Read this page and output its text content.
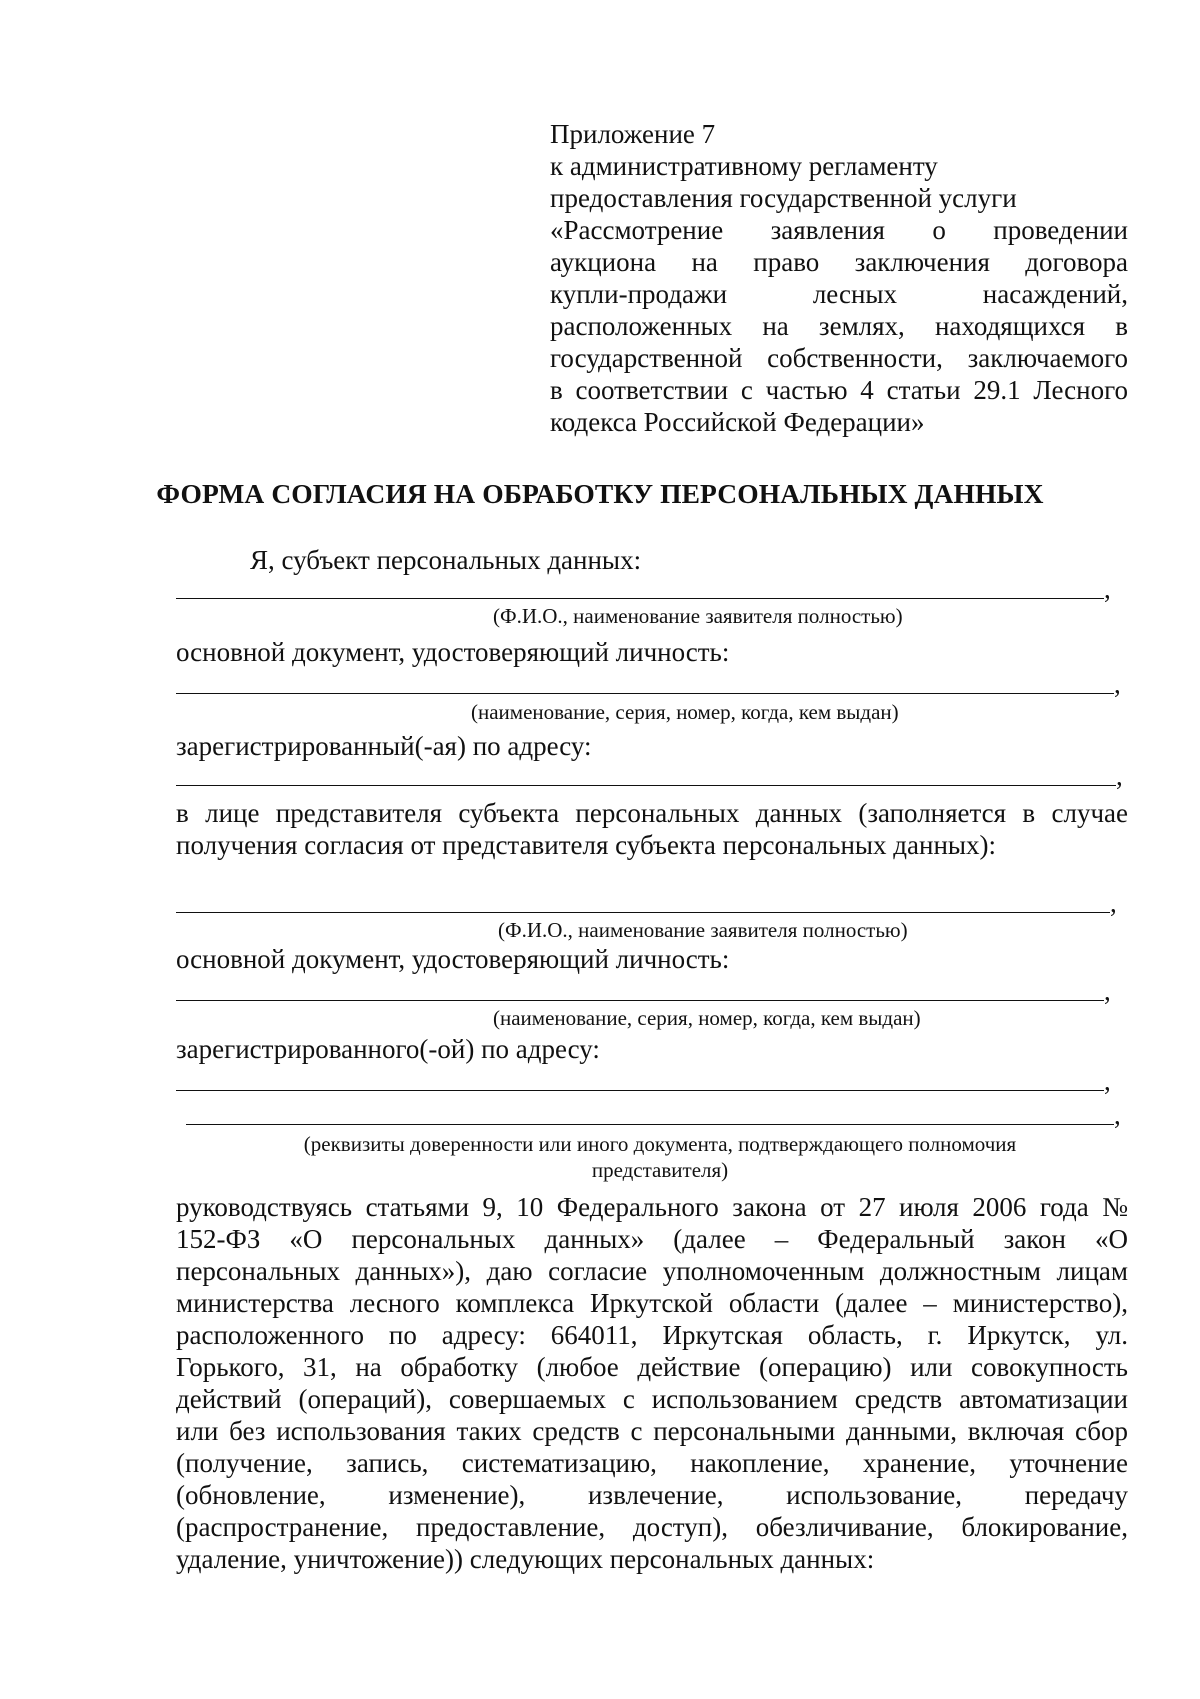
Приложение 7
к административному регламенту
предоставления государственной услуги
«Рассмотрение заявления о проведении
аукциона на право заключения договора
купли-продажи лесных насаждений,
расположенных на землях, находящихся в
государственной собственности, заключаемого
в соответствии с частью 4 статьи 29.1 Лесного
кодекса Российской Федерации»
ФОРМА СОГЛАСИЯ НА ОБРАБОТКУ ПЕРСОНАЛЬНЫХ ДАННЫХ
Я, субъект персональных данных:
,
(Ф.И.О., наименование заявителя полностью)
основной документ, удостоверяющий личность:
,
(наименование, серия, номер, когда, кем выдан)
зарегистрированный(-ая) по адресу:
,
в лице представителя субъекта персональных данных (заполняется в случае
получения согласия от представителя субъекта персональных данных):
,
(Ф.И.О., наименование заявителя полностью)
основной документ, удостоверяющий личность:
,
(наименование, серия, номер, когда, кем выдан)
зарегистрированного(-ой) по адресу:
,
,
(реквизиты доверенности или иного документа, подтверждающего полномочия
представителя)
руководствуясь статьями 9, 10 Федерального закона от 27 июля 2006 года №
152-ФЗ «О персональных данных» (далее – Федеральный закон «О
персональных данных»), даю согласие уполномоченным должностным лицам
министерства лесного комплекса Иркутской области (далее – министерство),
расположенного по адресу: 664011, Иркутская область, г. Иркутск, ул.
Горького, 31, на обработку (любое действие (операцию) или совокупность
действий (операций), совершаемых с использованием средств автоматизации
или без использования таких средств с персональными данными, включая сбор
(получение, запись, систематизацию, накопление, хранение, уточнение
(обновление, изменение), извлечение, использование, передачу
(распространение, предоставление, доступ), обезличивание, блокирование,
удаление, уничтожение)) следующих персональных данных:
